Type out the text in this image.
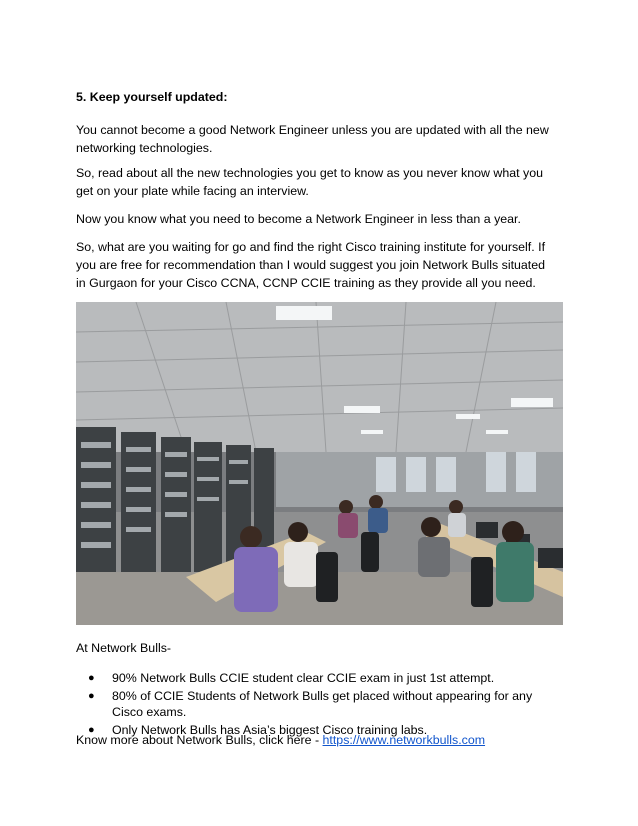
5. Keep yourself updated:
You cannot become a good Network Engineer unless you are updated with all the new networking technologies.
So, read about all the new technologies you get to know as you never know what you get on your plate while facing an interview.
Now you know what you need to become a Network Engineer in less than a year.
So, what are you waiting for go and find the right Cisco training institute for yourself. If you are free for recommendation than I would suggest you join Network Bulls situated in Gurgaon for your Cisco CCNA, CCNP CCIE training as they provide all you need.
At Network Bulls-
● 90% Network Bulls CCIE student clear CCIE exam in just 1st attempt.
● 80% of CCIE Students of Network Bulls get placed without appearing for any Cisco exams.
● Only Network Bulls has Asia’s biggest Cisco training labs.
Know more about Network Bulls, click here - https://www.networkbulls.com
